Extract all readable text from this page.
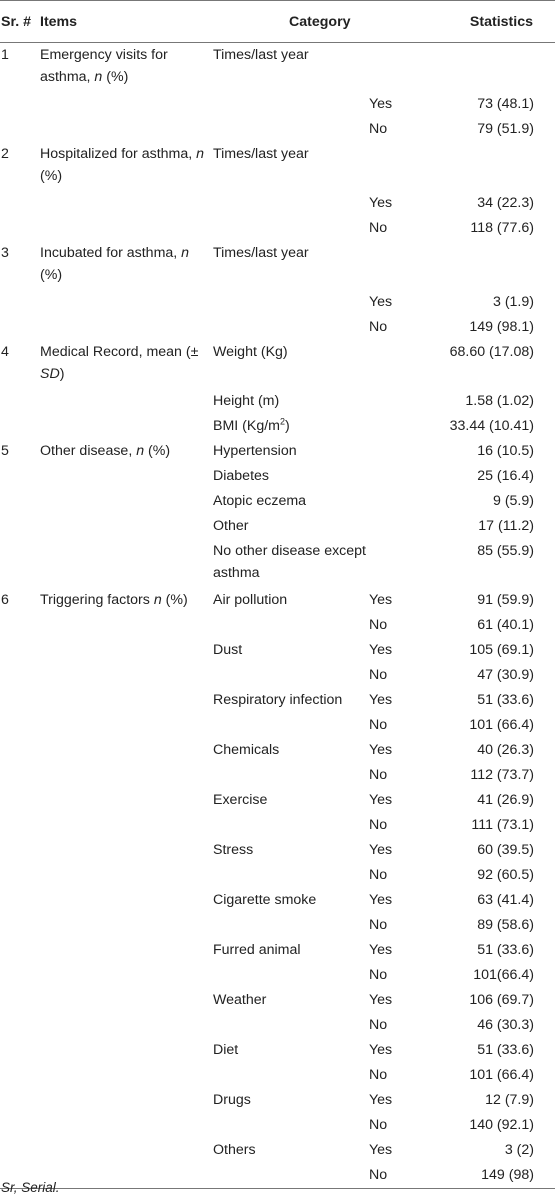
Sr. #	Items	Category		Statistics
1	Emergency visits for asthma, n (%)	Times/last year		
			Yes	73 (48.1)
			No	79 (51.9)
2	Hospitalized for asthma, n (%)	Times/last year		
			Yes	34 (22.3)
			No	118 (77.6)
3	Incubated for asthma, n (%)	Times/last year		
			Yes	3 (1.9)
			No	149 (98.1)
4	Medical Record, mean (± SD)	Weight (Kg)		68.60 (17.08)
		Height (m)		1.58 (1.02)
		BMI $(Kg/m^2)$		33.44 (10.41)
5	Other disease, n (%)	Hypertension		16 (10.5)
		Diabetes		25 (16.4)
		Atopic eczema		9 (5.9)
		Other		17 (11.2)
		No other disease except asthma		85 (55.9)
6	Triggering factors n (%)	Air pollution	Yes	91 (59.9)
			No	61 (40.1)
		Dust	Yes	105 (69.1)
			No	47 (30.9)
		Respiratory infection	Yes	51 (33.6)
			No	101 (66.4)
		Chemicals	Yes	40 (26.3)
			No	112 (73.7)
		Exercise	Yes	41 (26.9)
			No	111 (73.1)
		Stress	Yes	60 (39.5)
			No	92 (60.5)
		Cigarette smoke	Yes	63 (41.4)
			No	89 (58.6)
		Furred animal	Yes	51 (33.6)
			No	101(66.4)
		Weather	Yes	106 (69.7)
			No	46 (30.3)
		Diet	Yes	51 (33.6)
			No	101 (66.4)
		Drugs	Yes	12 (7.9)
			No	140 (92.1)
		Others	Yes	3 (2)
			No	149 (98)
Sr, Serial.
